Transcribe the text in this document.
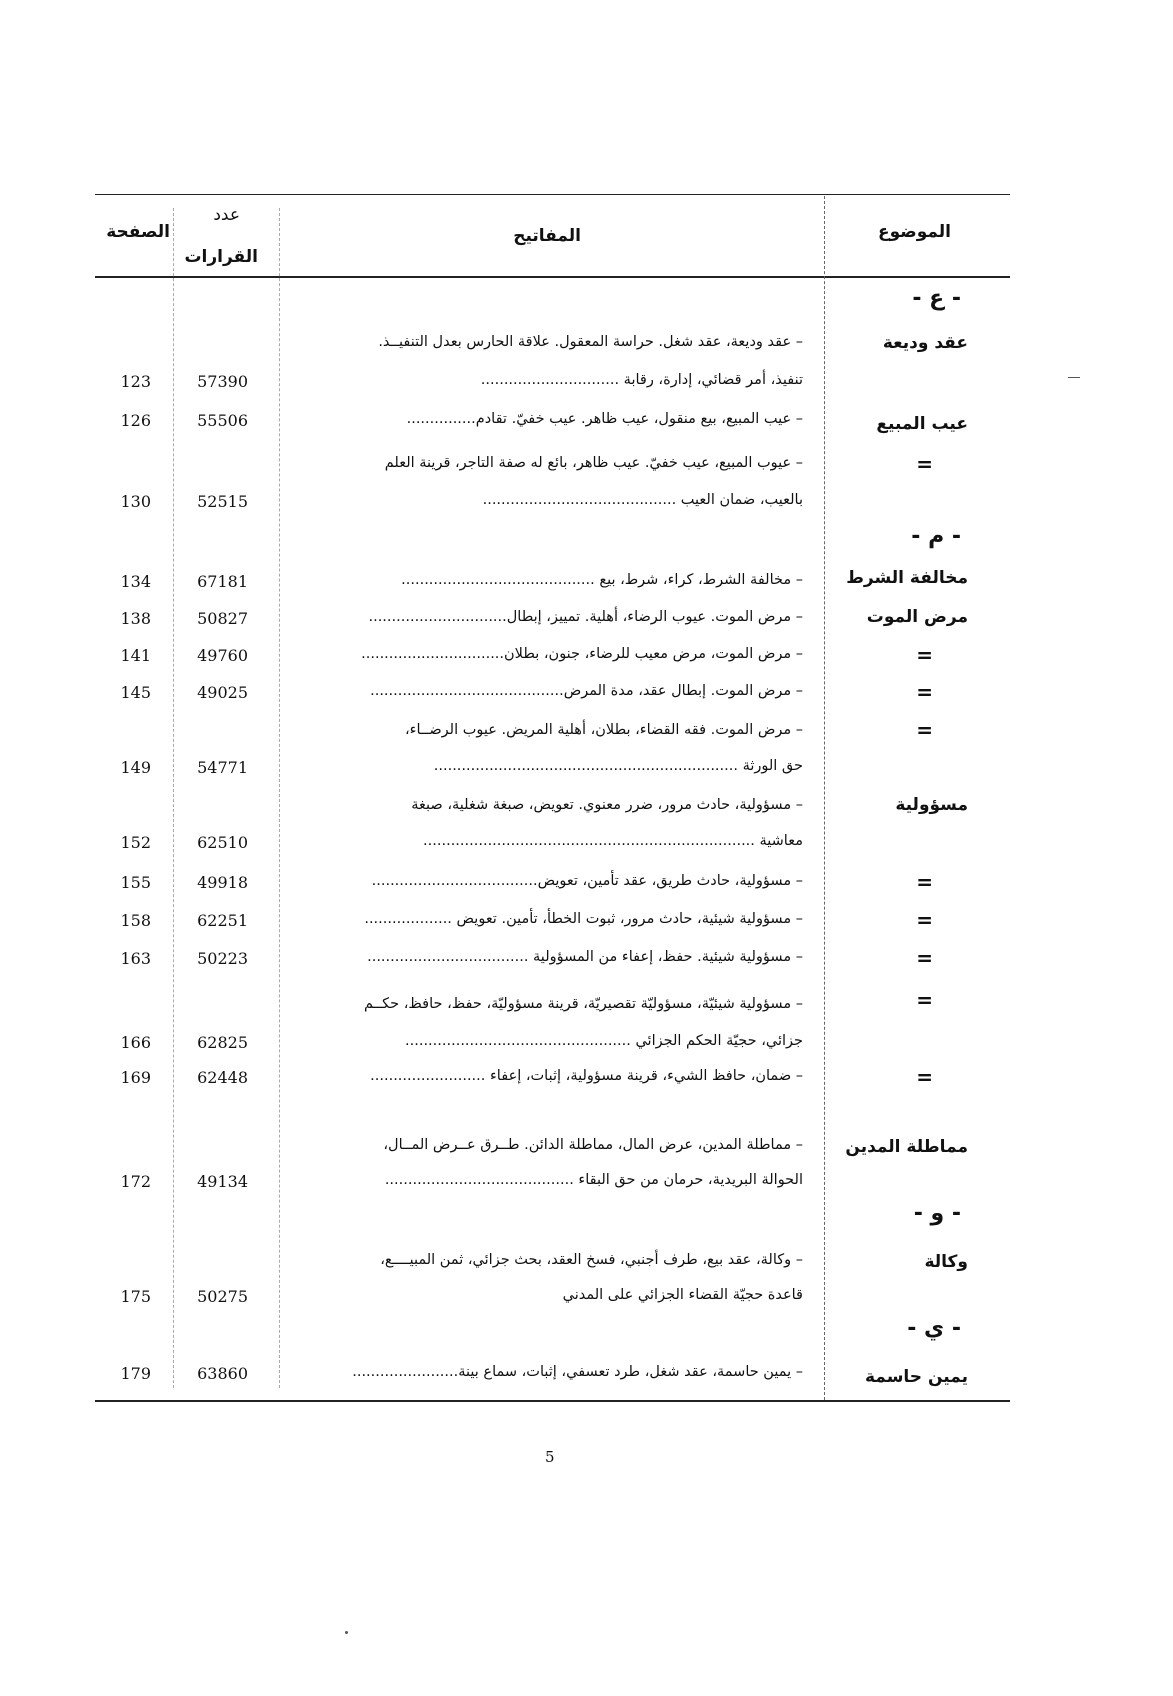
الموضوع
المفاتيح
عدد
القرارات
الصفحة
- ع -
عقد وديعة
– عقد وديعة، عقد شغل. حراسة المعقول. علاقة الحارس بعدل التنفيــذ.
تنفيذ، أمر قضائي، إدارة، رقابة ..............................
57390
123
عيب المبيع
– عيب المبيع، بيع منقول، عيب ظاهر. عيب خفيّ. تقادم...............
55506
126
=
– عيوب المبيع، عيب خفيّ. عيب ظاهر، بائع له صفة التاجر، قرينة العلم
بالعيب، ضمان العيب ..........................................
52515
130
- م -
مخالفة الشرط
– مخالفة الشرط، كراء، شرط، بيع ..........................................
67181
134
مرض الموت
– مرض الموت. عيوب الرضاء، أهلية. تمييز، إبطال..............................
50827
138
=
– مرض الموت، مرض معيب للرضاء، جنون، بطلان...............................
49760
141
=
– مرض الموت. إبطال عقد، مدة المرض..........................................
49025
145
=
– مرض الموت. فقه القضاء، بطلان، أهلية المريض. عيوب الرضــاء،
حق الورثة ..................................................................
54771
149
مسؤولية
– مسؤولية، حادث مرور، ضرر معنوي. تعويض، صبغة شغلية، صبغة
معاشية ........................................................................
62510
152
=
– مسؤولية، حادث طريق، عقد تأمين، تعويض....................................
49918
155
=
– مسؤولية شيئية، حادث مرور، ثبوت الخطأ، تأمين. تعويض ...................
62251
158
=
– مسؤولية شيئية. حفظ، إعفاء من المسؤولية ...................................
50223
163
=
– مسؤولية شيئيّة، مسؤوليّة تقصيريّة، قرينة مسؤوليّة، حفظ، حافظ، حكــم
جزائي، حجيّة الحكم الجزائي .................................................
62825
166
=
– ضمان، حافظ الشيء، قرينة مسؤولية، إثبات، إعفاء .........................
62448
169
مماطلة المدين
– مماطلة المدين، عرض المال، مماطلة الدائن. طــرق عــرض المــال،
الحوالة البريدية، حرمان من حق البقاء .........................................
49134
172
- و -
وكالة
– وكالة، عقد بيع، طرف أجنبي، فسخ العقد، بحث جزائي، ثمن المبيــــع،
قاعدة حجيّة القضاء الجزائي على المدني
50275
175
- ي -
يمين حاسمة
– يمين حاسمة، عقد شغل، طرد تعسفي، إثبات، سماع بينة.......................
63860
179
5
